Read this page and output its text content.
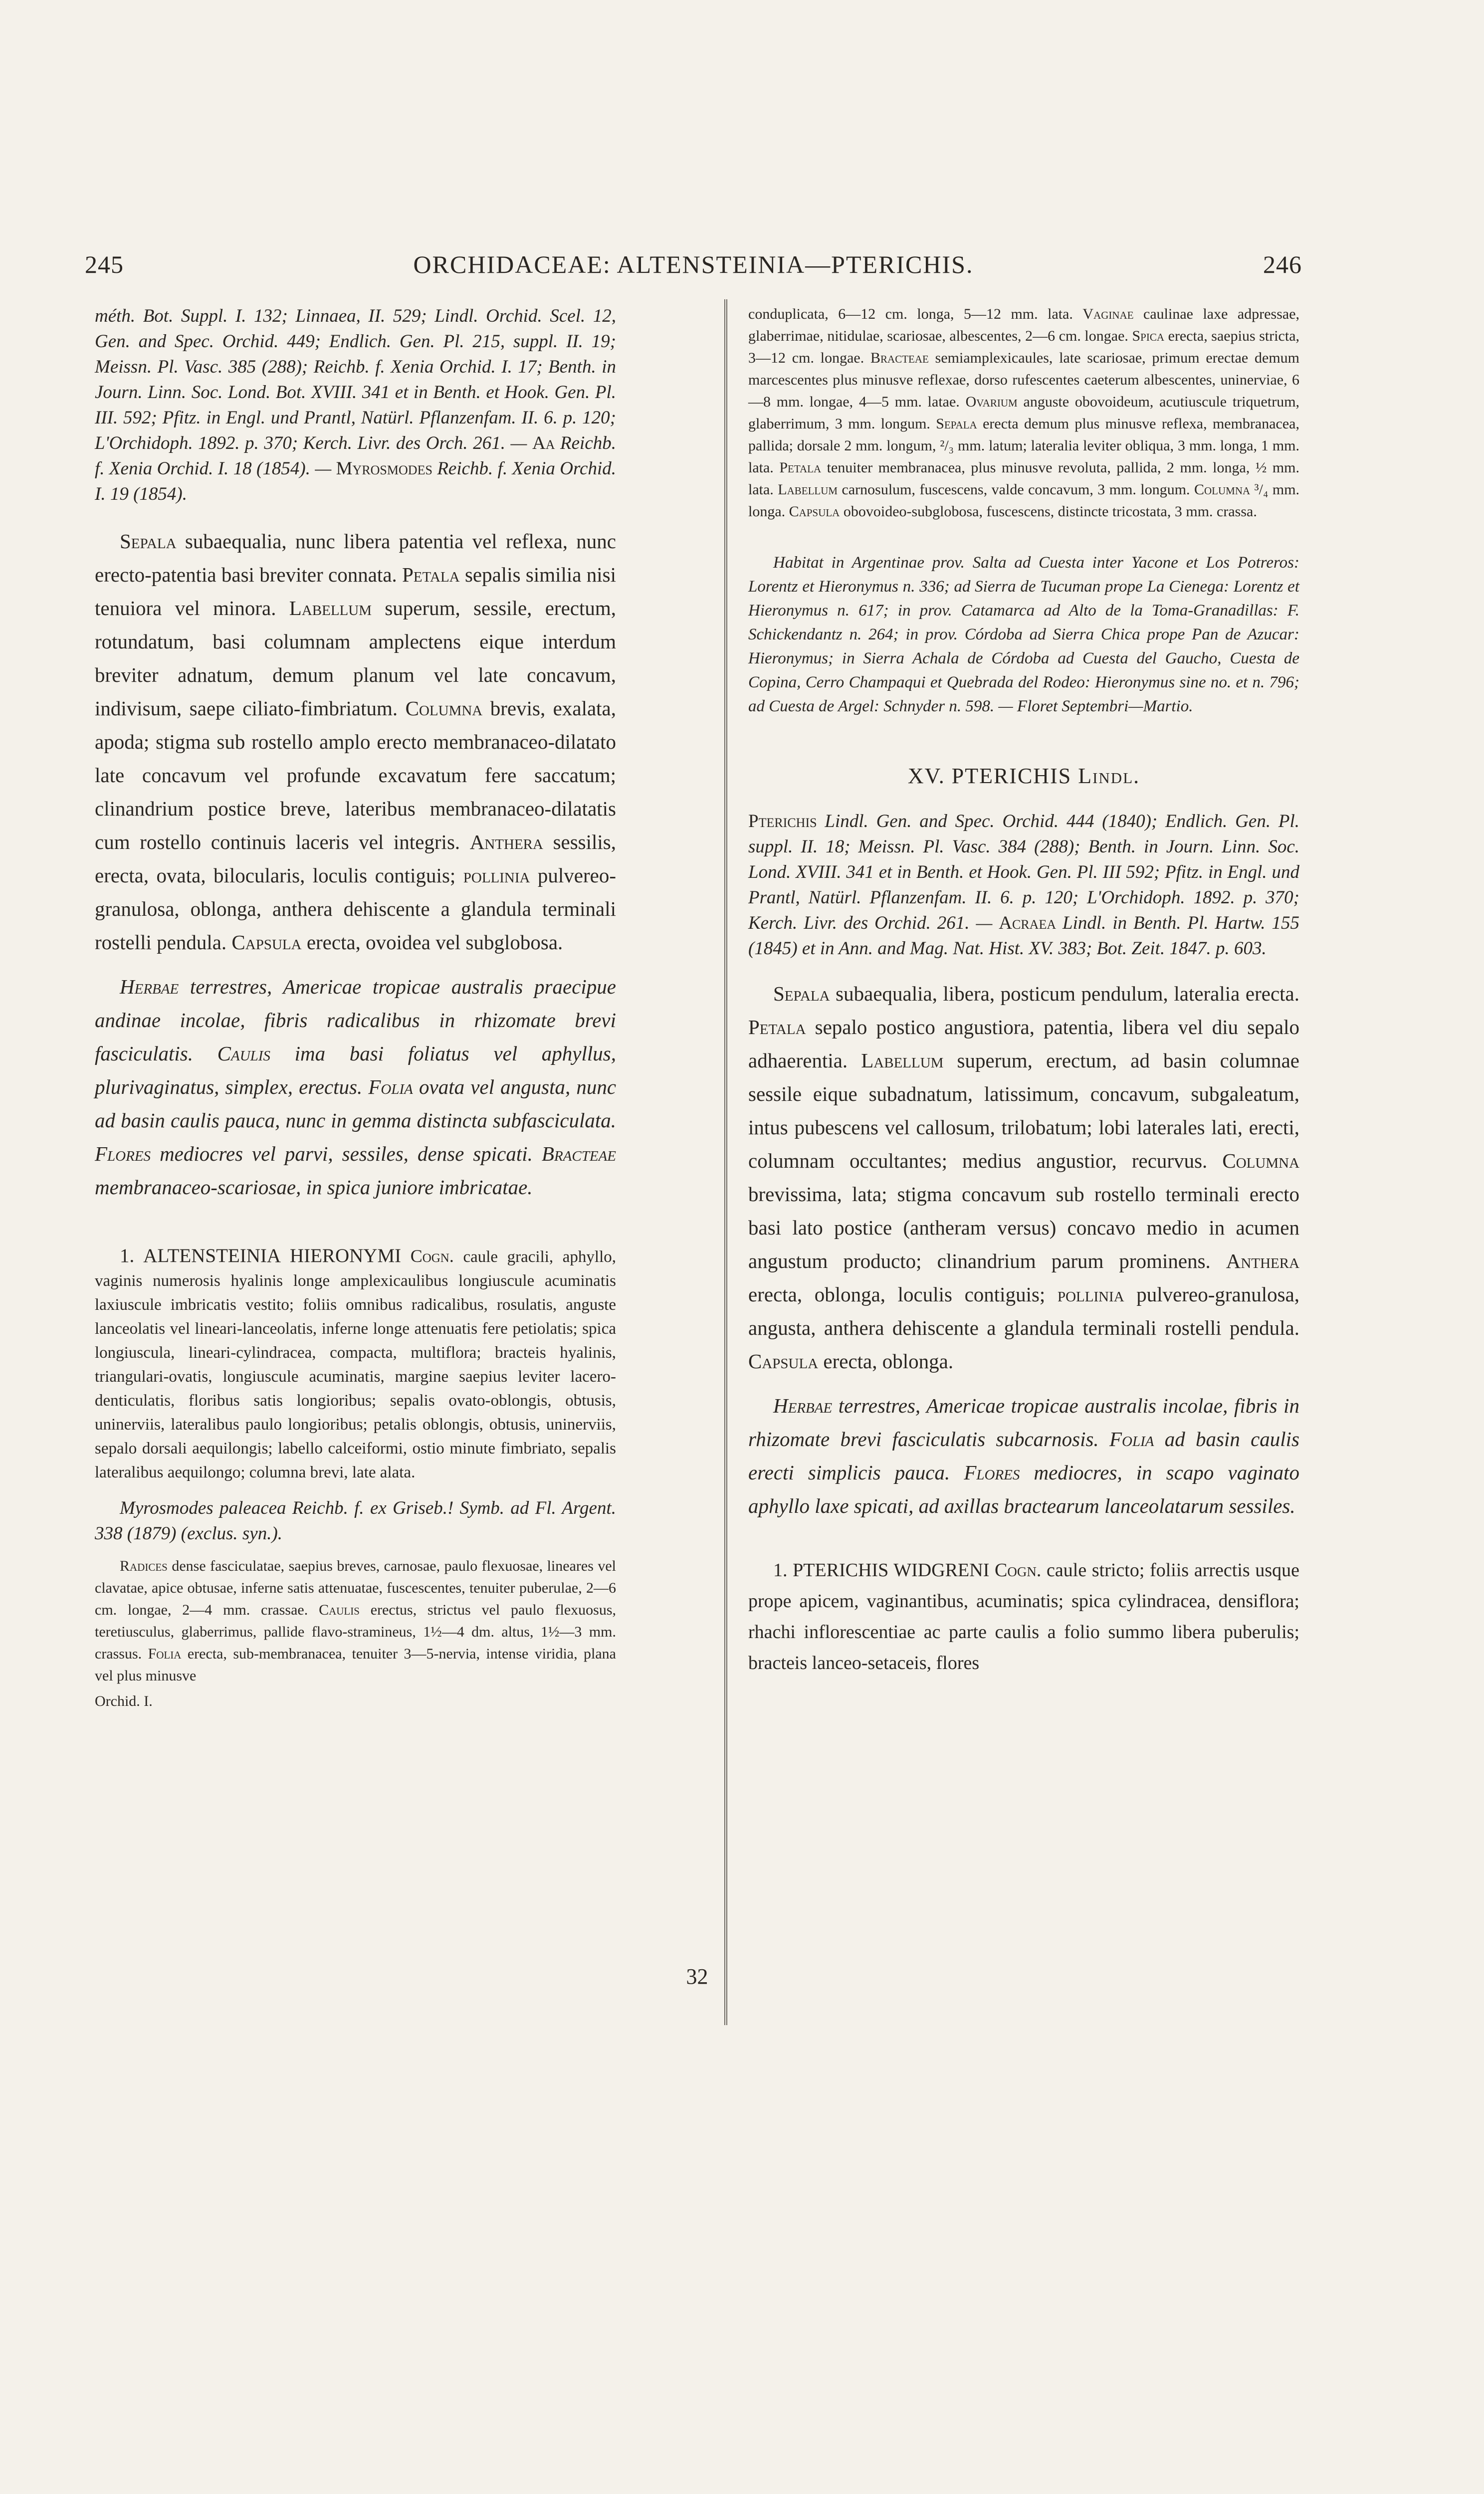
245	ORCHIDACEAE: ALTENSTEINIA—PTERICHIS.	246

méth. Bot. Suppl. I. 132; Linnaea, II. 529; Lindl. Orchid. Scel. 12, Gen. and Spec. Orchid. 449; Endlich. Gen. Pl. 215, suppl. II. 19; Meissn. Pl. Vasc. 385 (288); Reichb. f. Xenia Orchid. I. 17; Benth. in Journ. Linn. Soc. Lond. Bot. XVIII. 341 et in Benth. et Hook. Gen. Pl. III. 592; Pfitz. in Engl. und Prantl, Natürl. Pflanzenfam. II. 6. p. 120; L'Orchidoph. 1892. p. 370; Kerch. Livr. des Orch. 261. — Aa Reichb. f. Xenia Orchid. I. 18 (1854). — Myrosmodes Reichb. f. Xenia Orchid. I. 19 (1854).

Sepala subaequalia, nunc libera patentia vel reflexa, nunc erecto-patentia basi breviter connata. Petala sepalis similia nisi tenuiora vel minora. Labellum superum, sessile, erectum, rotundatum, basi columnam amplectens eique interdum breviter adnatum, demum planum vel late concavum, indivisum, saepe ciliato-fimbriatum. Columna brevis, exalata, apoda; stigma sub rostello amplo erecto membranaceo-dilatato late concavum vel profunde excavatum fere saccatum; clinandrium postice breve, lateribus membranaceo-dilatatis cum rostello continuis laceris vel integris. Anthera sessilis, erecta, ovata, bilocularis, loculis contiguis; pollinia pulvereo-granulosa, oblonga, anthera dehiscente a glandula terminali rostelli pendula. Capsula erecta, ovoidea vel subglobosa.

Herbae terrestres, Americae tropicae australis praecipue andinae incolae, fibris radicalibus in rhizomate brevi fasciculatis. Caulis ima basi foliatus vel aphyllus, plurivaginatus, simplex, erectus. Folia ovata vel angusta, nunc ad basin caulis pauca, nunc in gemma distincta subfasciculata. Flores mediocres vel parvi, sessiles, dense spicati. Bracteae membranaceo-scariosae, in spica juniore imbricatae.

1. ALTENSTEINIA HIERONYMI Cogn. caule gracili, aphyllo, vaginis numerosis hyalinis longe amplexicaulibus longiuscule acuminatis laxiuscule imbricatis vestito; foliis omnibus radicalibus, rosulatis, anguste lanceolatis vel lineari-lanceolatis, inferne longe attenuatis fere petiolatis; spica longiuscula, lineari-cylindracea, compacta, multiflora; bracteis hyalinis, triangulari-ovatis, longiuscule acuminatis, margine saepius leviter lacero-denticulatis, floribus satis longioribus; sepalis ovato-oblongis, obtusis, uninerviis, lateralibus paulo longioribus; petalis oblongis, obtusis, uninerviis, sepalo dorsali aequilongis; labello calceiformi, ostio minute fimbriato, sepalis lateralibus aequilongo; columna brevi, late alata.

Myrosmodes paleacea Reichb. f. ex Griseb.! Symb. ad Fl. Argent. 338 (1879) (exclus. syn.).

Radices dense fasciculatae, saepius breves, carnosae, paulo flexuosae, lineares vel clavatae, apice obtusae, inferne satis attenuatae, fuscescentes, tenuiter puberulae, 2—6 cm. longae, 2—4 mm. crassae. Caulis erectus, strictus vel paulo flexuosus, teretiusculus, glaberrimus, pallide flavo-stramineus, 1½—4 dm. altus, 1½—3 mm. crassus. Folia erecta, sub-membranacea, tenuiter 3—5-nervia, intense viridia, plana vel plus minusve

Orchid. I.

conduplicata, 6—12 cm. longa, 5—12 mm. lata. Vaginae caulinae laxe adpressae, glaberrimae, nitidulae, scariosae, albescentes, 2—6 cm. longae. Spica erecta, saepius stricta, 3—12 cm. longae. Bracteae semiamplexicaules, late scariosae, primum erectae demum marcescentes plus minusve reflexae, dorso rufescentes caeterum albescentes, uninerviae, 6—8 mm. longae, 4—5 mm. latae. Ovarium anguste obovoideum, acutiuscule triquetrum, glaberrimum, 3 mm. longum. Sepala erecta demum plus minusve reflexa, membranacea, pallida; dorsale 2 mm. longum, ²/₃ mm. latum; lateralia leviter obliqua, 3 mm. longa, 1 mm. lata. Petala tenuiter membranacea, plus minusve revoluta, pallida, 2 mm. longa, ½ mm. lata. Labellum carnosulum, fuscescens, valde concavum, 3 mm. longum. Columna ³/₄ mm. longa. Capsula obovoideo-subglobosa, fuscescens, distincte tricostata, 3 mm. crassa.

Habitat in Argentinae prov. Salta ad Cuesta inter Yacone et Los Potreros: Lorentz et Hieronymus n. 336; ad Sierra de Tucuman prope La Cienega: Lorentz et Hieronymus n. 617; in prov. Catamarca ad Alto de la Toma-Granadillas: F. Schickendantz n. 264; in prov. Córdoba ad Sierra Chica prope Pan de Azucar: Hieronymus; in Sierra Achala de Córdoba ad Cuesta del Gaucho, Cuesta de Copina, Cerro Champaqui et Quebrada del Rodeo: Hieronymus sine no. et n. 796; ad Cuesta de Argel: Schnyder n. 598. — Floret Septembri—Martio.

XV. PTERICHIS Lindl.

Pterichis Lindl. Gen. and Spec. Orchid. 444 (1840); Endlich. Gen. Pl. suppl. II. 18; Meissn. Pl. Vasc. 384 (288); Benth. in Journ. Linn. Soc. Lond. XVIII. 341 et in Benth. et Hook. Gen. Pl. III 592; Pfitz. in Engl. und Prantl, Natürl. Pflanzenfam. II. 6. p. 120; L'Orchidoph. 1892. p. 370; Kerch. Livr. des Orchid. 261. — Acraea Lindl. in Benth. Pl. Hartw. 155 (1845) et in Ann. and Mag. Nat. Hist. XV. 383; Bot. Zeit. 1847. p. 603.

Sepala subaequalia, libera, posticum pendulum, lateralia erecta. Petala sepalo postico angustiora, patentia, libera vel diu sepalo adhaerentia. Labellum superum, erectum, ad basin columnae sessile eique subadnatum, latissimum, concavum, subgaleatum, intus pubescens vel callosum, trilobatum; lobi laterales lati, erecti, columnam occultantes; medius angustior, recurvus. Columna brevissima, lata; stigma concavum sub rostello terminali erecto basi lato postice (antheram versus) concavo medio in acumen angustum producto; clinandrium parum prominens. Anthera erecta, oblonga, loculis contiguis; pollinia pulvereo-granulosa, angusta, anthera dehiscente a glandula terminali rostelli pendula. Capsula erecta, oblonga.

Herbae terrestres, Americae tropicae australis incolae, fibris in rhizomate brevi fasciculatis subcarnosis. Folia ad basin caulis erecti simplicis pauca. Flores mediocres, in scapo vaginato aphyllo laxe spicati, ad axillas bractearum lanceolatarum sessiles.

1. PTERICHIS WIDGRENI Cogn. caule stricto; foliis arrectis usque prope apicem, vaginantibus, acuminatis; spica cylindracea, densiflora; rhachi inflorescentiae ac parte caulis a folio summo libera puberulis; bracteis lanceo-setaceis, flores

32
